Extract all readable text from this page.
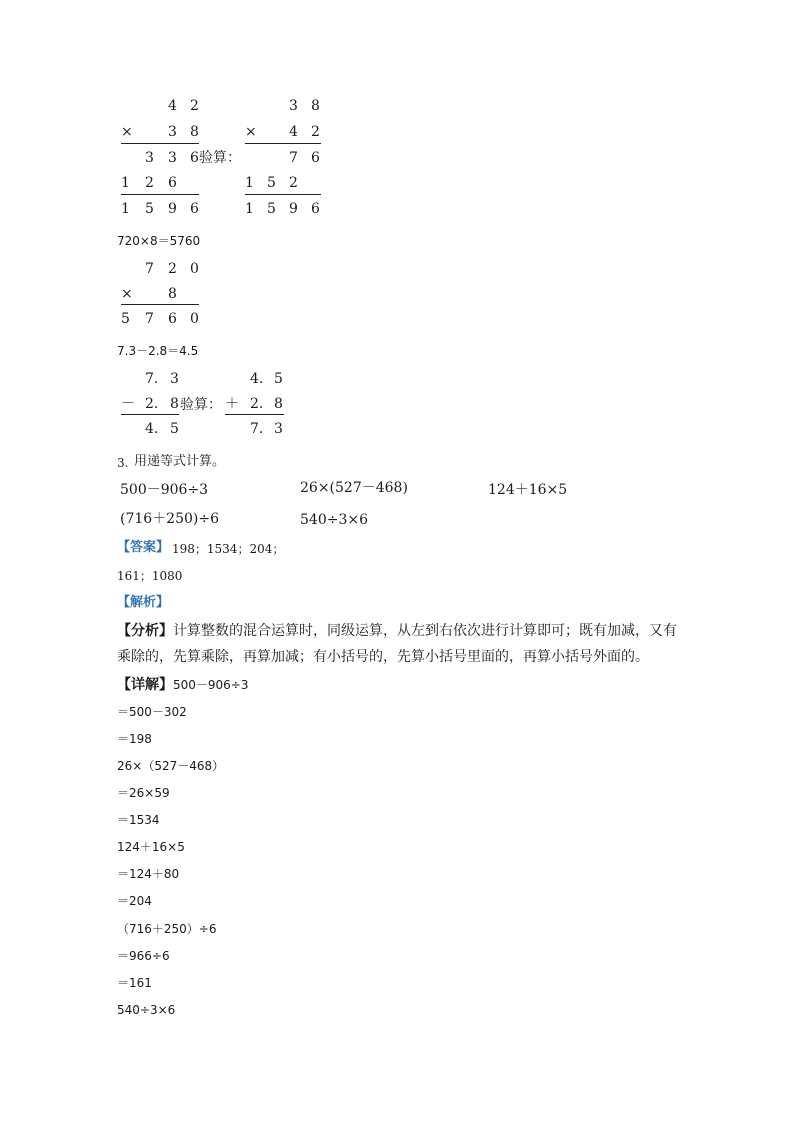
4 2
×	3 8
3 3 6 验算：
1 2 6
1 5 9 6
3 8
× 4 2
7 6
1 5 2
1 5 9 6
720×8＝5760
7 2 0
×	8
5 7 6 0
7.3－2.8＝4.5
7. 3
－ 2. 8 验算：
4. 5
4. 5
＋ 2. 8
7. 3
3. 用递等式计算。
500－906÷3	26×(527－468)	124＋16×5
(716＋250)÷6	540÷3×6
【答案】 198；1534；204；
161；1080
【解析】
【分析】 计算整数的混合运算时，同级运算，从左到右依次进行计算即可；既有加减，又有
乘除的，先算乘除，再算加减；有小括号的，先算小括号里面的，再算小括号外面的。
【详解】 500－906÷3
＝500－302
＝198
26×（527－468）
＝26×59
＝1534
124＋16×5
＝124＋80
＝204
（716＋250）÷6
＝966÷6
＝161
540÷3×6
